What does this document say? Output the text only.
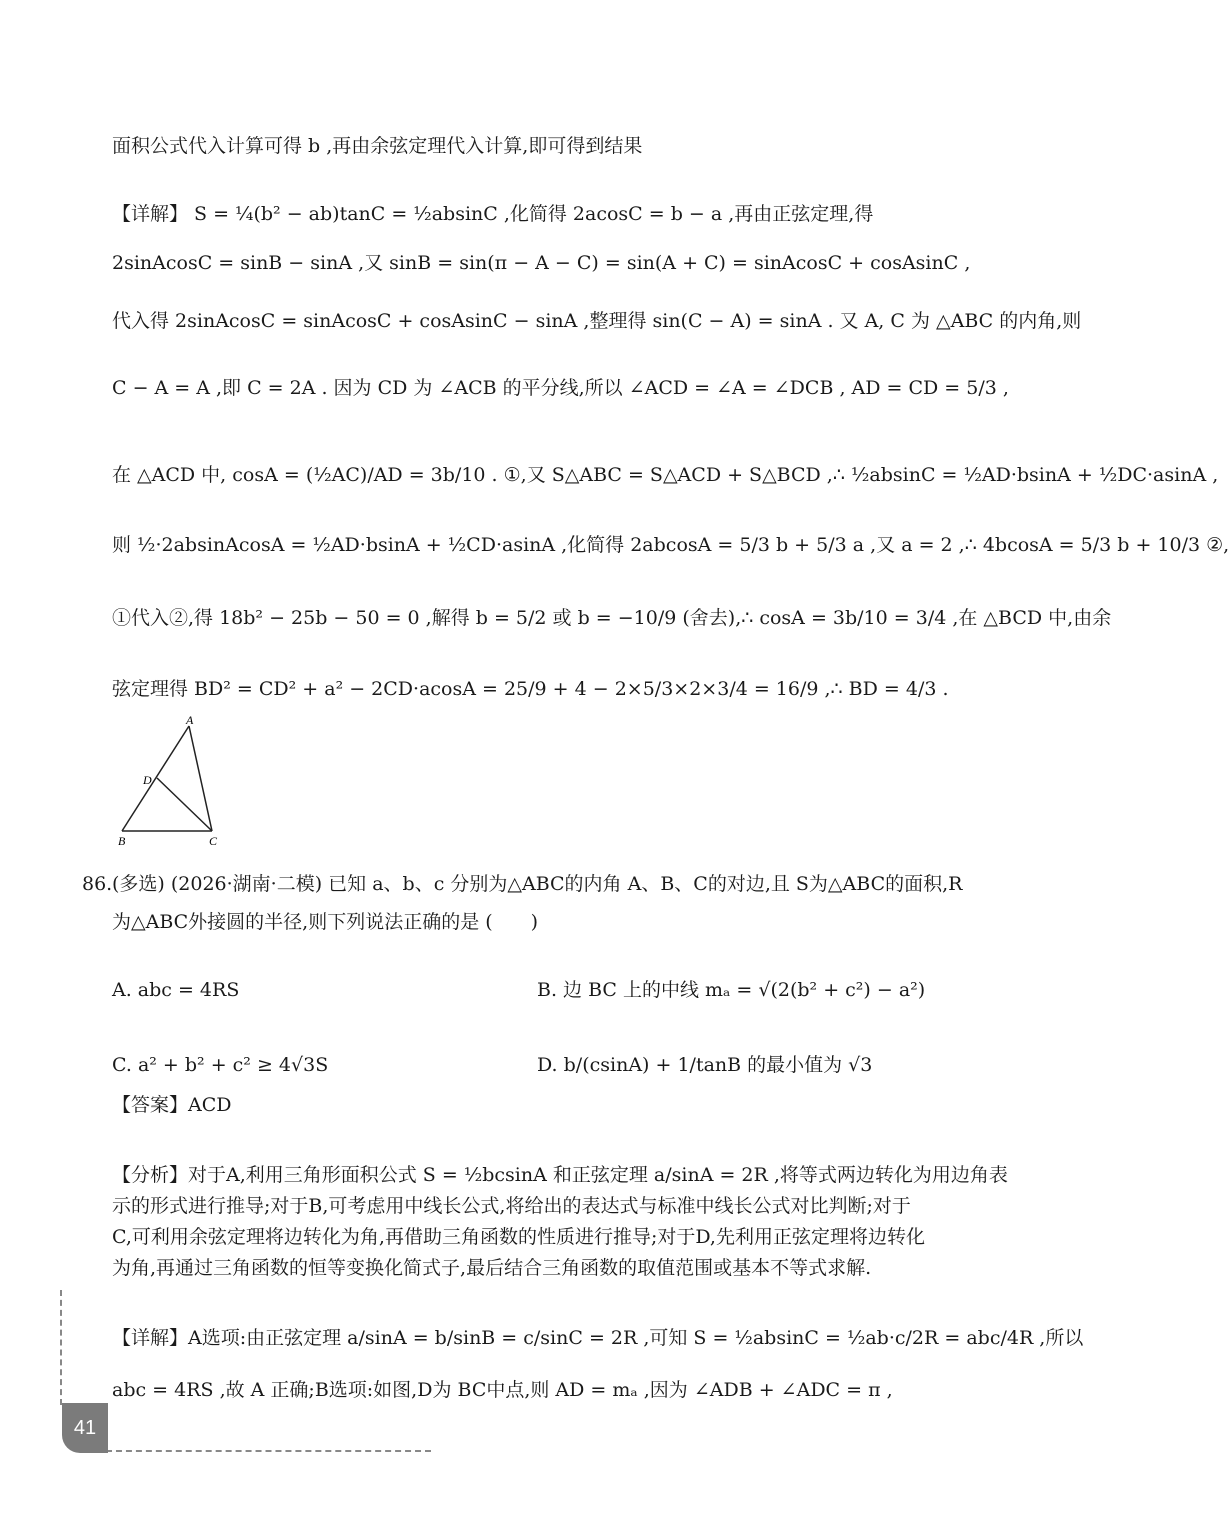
面积公式代入计算可得 b ,再由余弦定理代入计算,即可得到结果
【详解】 S = ¼(b² − ab)tanC = ½absinC ,化简得 2acosC = b − a ,再由正弦定理,得
2sinAcosC = sinB − sinA ,又 sinB = sin(π − A − C) = sin(A + C) = sinAcosC + cosAsinC ,
代入得 2sinAcosC = sinAcosC + cosAsinC − sinA ,整理得 sin(C − A) = sinA . 又 A, C 为 △ABC 的内角,则
C − A = A ,即 C = 2A . 因为 CD 为 ∠ACB 的平分线,所以 ∠ACD = ∠A = ∠DCB , AD = CD = 5/3 ,
在 △ACD 中, cosA = (½AC)/AD = 3b/10 . ①,又 S△ABC = S△ACD + S△BCD ,∴ ½absinC = ½AD·bsinA + ½DC·asinA ,
则 ½·2absinAcosA = ½AD·bsinA + ½CD·asinA ,化简得 2abcosA = 5/3 b + 5/3 a ,又 a = 2 ,∴ 4bcosA = 5/3 b + 10/3 ②,
①代入②,得 18b² − 25b − 50 = 0 ,解得 b = 5/2 或 b = −10/9 (舍去),∴ cosA = 3b/10 = 3/4 ,在 △BCD 中,由余
弦定理得 BD² = CD² + a² − 2CD·acosA = 25/9 + 4 − 2×5/3×2×3/4 = 16/9 ,∴ BD = 4/3 .
A
D
B	C
86. (多选) (2026·湖南·二模) 已知 a、b、c 分别为△ABC的内角 A、B、C的对边,且 S为△ABC的面积,R
为△ABC外接圆的半径,则下列说法正确的是 (　　)
A. abc = 4RS	B. 边 BC 上的中线 mₐ = √(2(b² + c²) − a²)
C. a² + b² + c² ≥ 4√3S	D. b/(csinA) + 1/tanB 的最小值为 √3
【答案】ACD
【分析】对于A,利用三角形面积公式 S = ½bcsinA 和正弦定理 a/sinA = 2R ,将等式两边转化为用边角表
示的形式进行推导;对于B,可考虑用中线长公式,将给出的表达式与标准中线长公式对比判断;对于
C,可利用余弦定理将边转化为角,再借助三角函数的性质进行推导;对于D,先利用正弦定理将边转化
为角,再通过三角函数的恒等变换化简式子,最后结合三角函数的取值范围或基本不等式求解.
【详解】A选项:由正弦定理 a/sinA = b/sinB = c/sinC = 2R ,可知 S = ½absinC = ½ab·c/2R = abc/4R ,所以
abc = 4RS ,故 A 正确;B选项:如图,D为 BC中点,则 AD = mₐ ,因为 ∠ADB + ∠ADC = π ,
41
